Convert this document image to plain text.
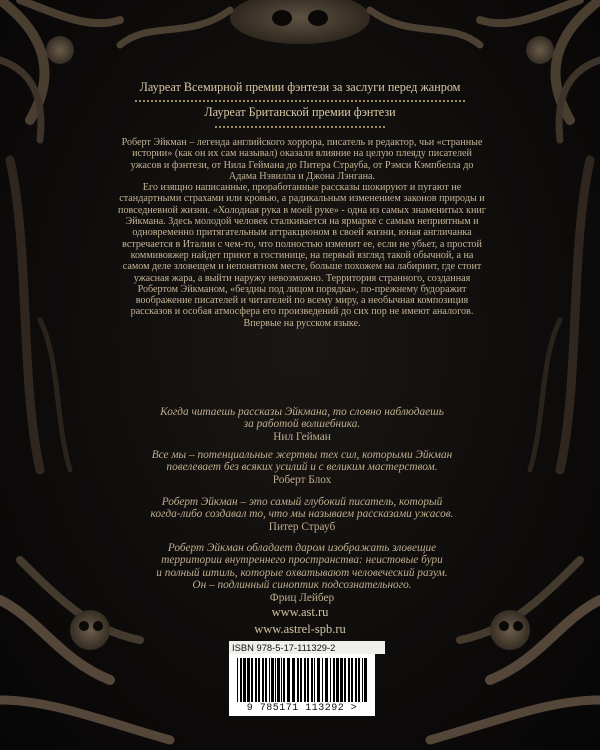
Лауреат Всемирной премии фэнтези за заслуги перед жанром
Лауреат Британской премии фэнтези

Роберт Эйкман – легенда английского хоррора, писатель и редактор, чьи «странные истории» (как он их сам называл) оказали влияние на целую плеяду писателей ужасов и фэнтези, от Нила Геймана до Питера Страуба, от Рэмси Кэмпбелла до Адама Нэвилла и Джона Лэнгана.

Его изящно написанные, проработанные рассказы шокируют и пугают не стандартными страхами или кровью, а радикальным изменением законов природы и повседневной жизни. «Холодная рука в моей руке» - одна из самых знаменитых книг Эйкмана. Здесь молодой человек сталкивается на ярмарке с самым неприятным и одновременно притягательным аттракционом в своей жизни, юная англичанка встречается в Италии с чем-то, что полностью изменит ее, если не убьет, а простой коммивояжер найдет приют в гостинице, на первый взгляд такой обычной, а на самом деле зловещем и непонятном месте, больше похожем на лабиринт, где стоит ужасная жара, а выйти наружу невозможно. Территория странного, созданная Робертом Эйкманом, «бездны под лицом порядка», по-прежнему будоражит воображение писателей и читателей по всему миру, а необычная композиция рассказов и особая атмосфера его произведений до сих пор не имеют аналогов.

Впервые на русском языке.

Когда читаешь рассказы Эйкмана, то словно наблюдаешь
за работой волшебника.
Нил Гейман
Все мы – потенциальные жертвы тех сил, которыми Эйкман
повелевает без всяких усилий и с великим мастерством.
Роберт Блох
Роберт Эйкман – это самый глубокий писатель, который
когда-либо создавал то, что мы называем рассказами ужасов.
Питер Страуб
Роберт Эйкман обладает даром изображать зловещие
территории внутреннего пространства: неистовые бури
и полный штиль, которые охватывают человеческий разум.
Он – подлинный синоптик подсознательного.
Фриц Лейбер
www.ast.ru
www.astrel-spb.ru
ISBN 978-5-17-111329-2
9 785171 113292 >
